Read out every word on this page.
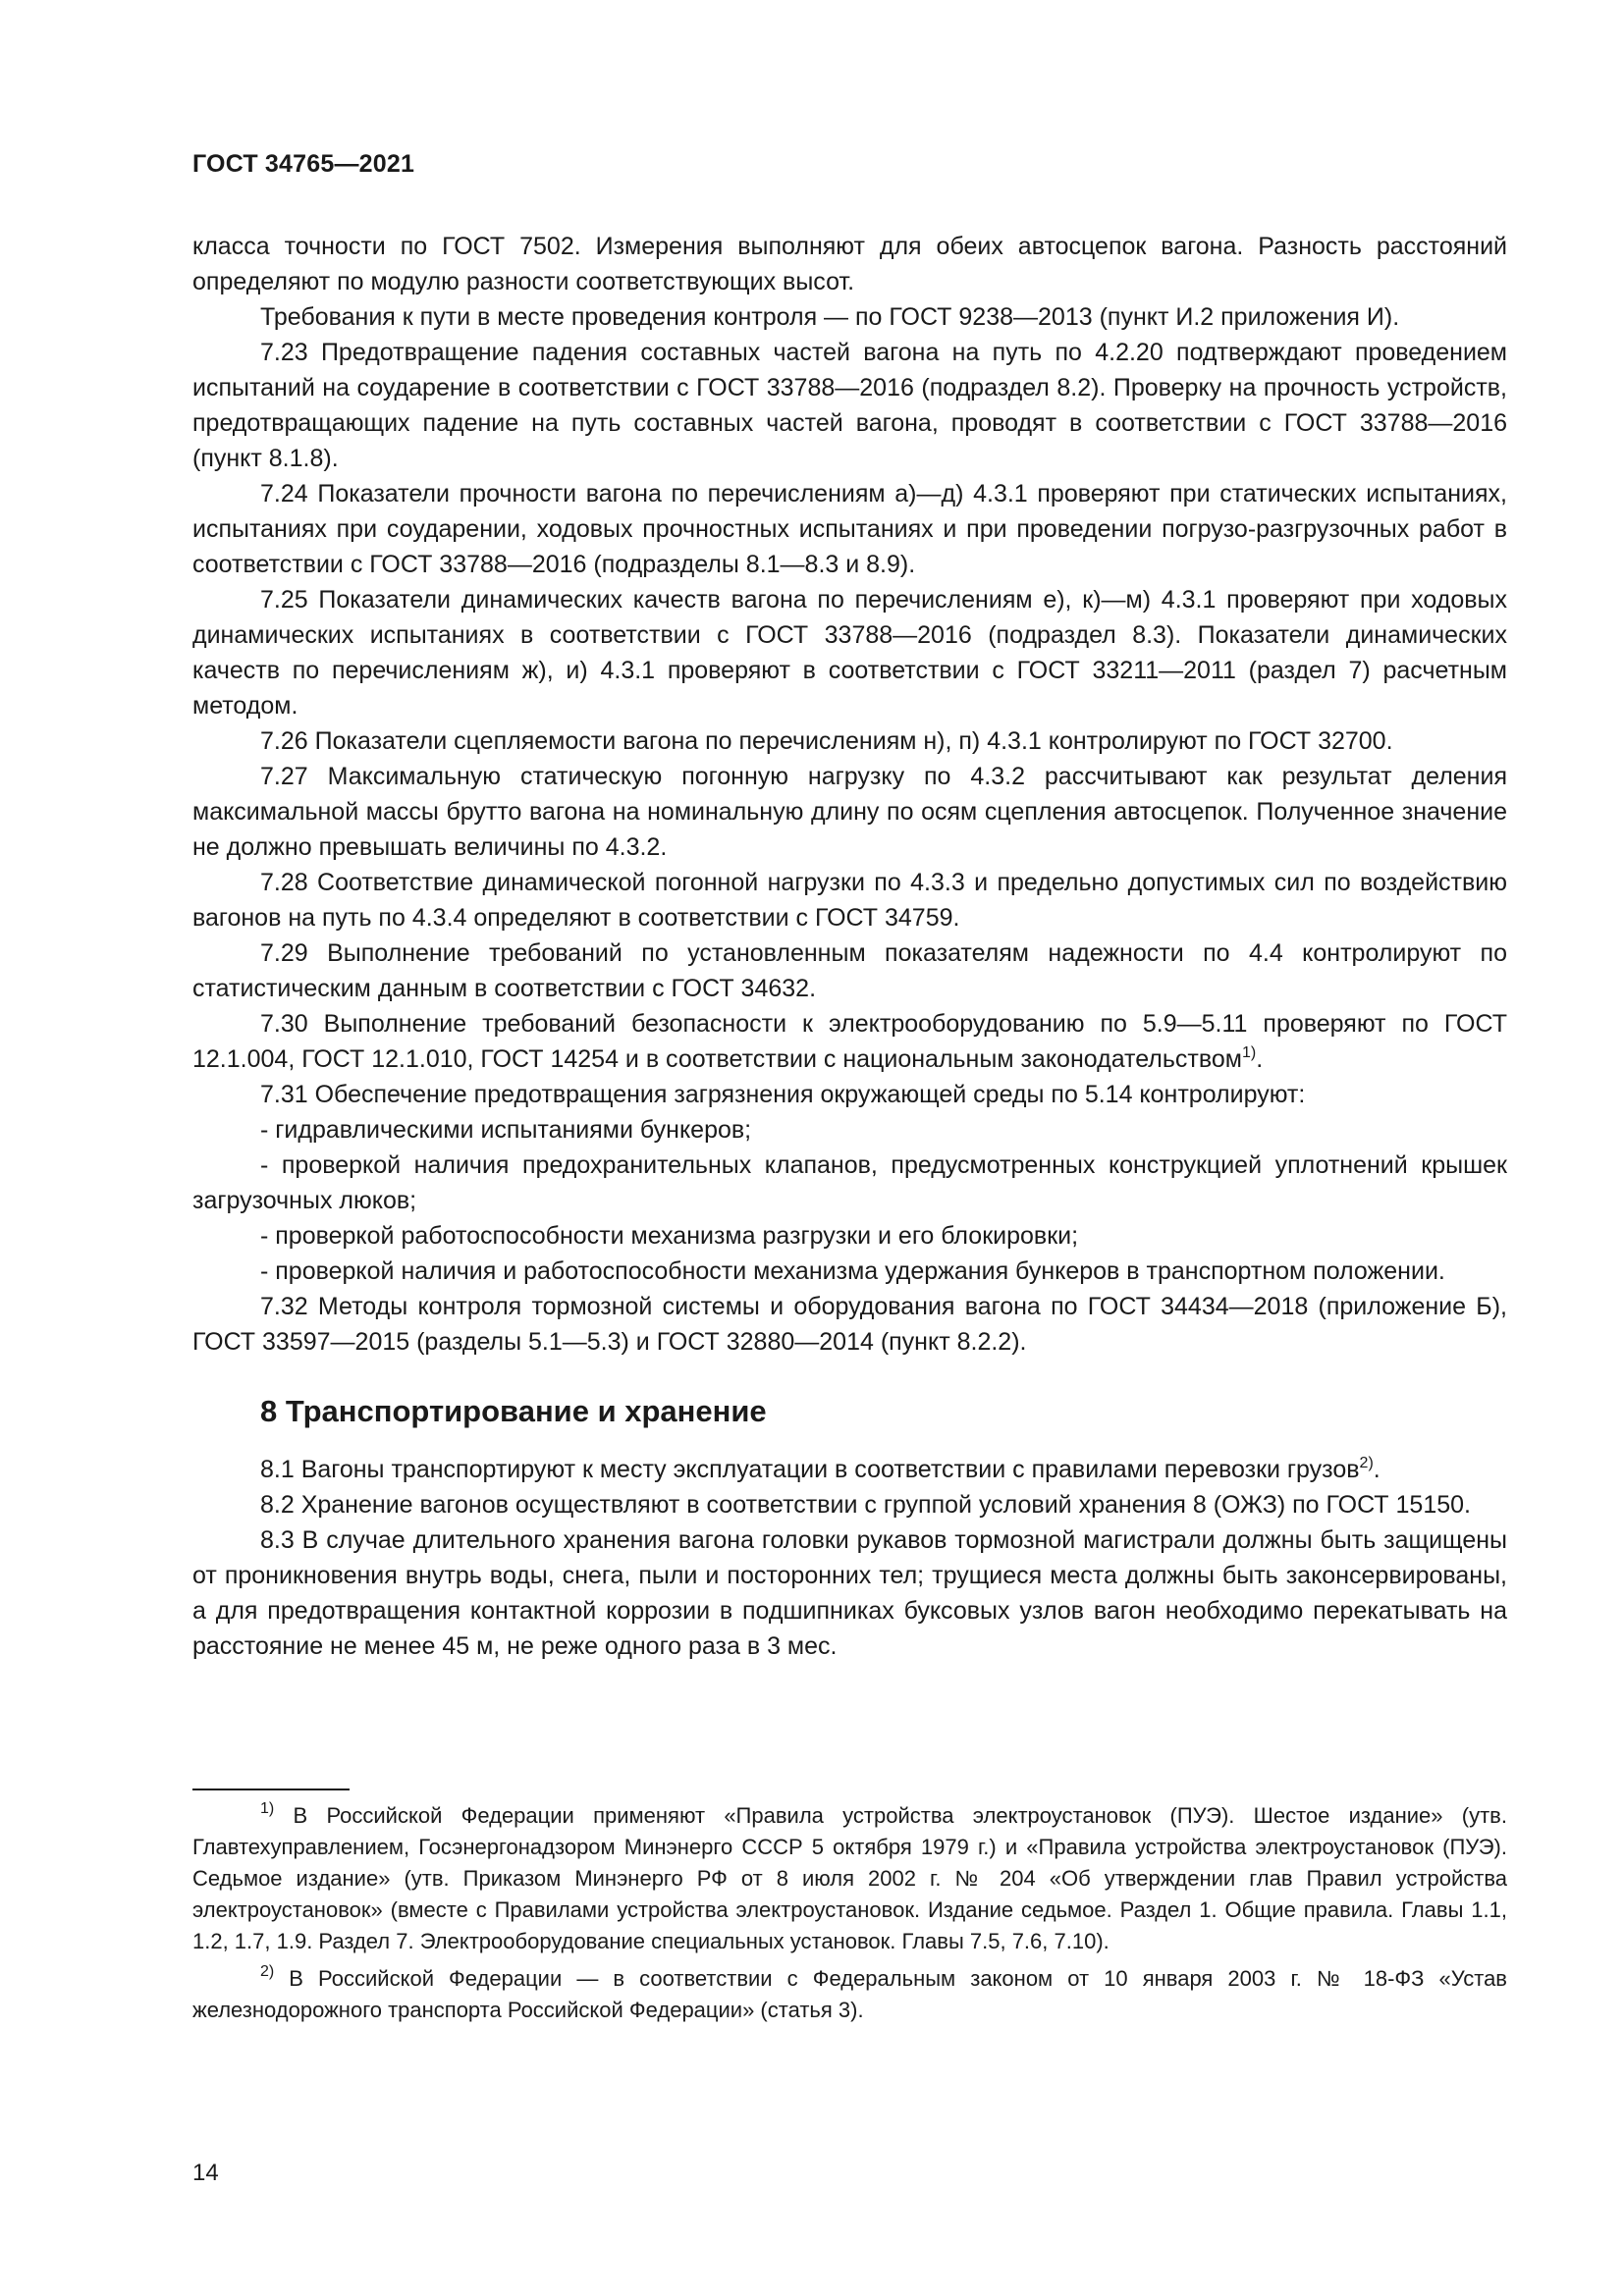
ГОСТ 34765—2021

класса точности по ГОСТ 7502. Измерения выполняют для обеих автосцепок вагона. Разность расстояний определяют по модулю разности соответствующих высот.

Требования к пути в месте проведения контроля — по ГОСТ 9238—2013 (пункт И.2 приложения И).

7.23 Предотвращение падения составных частей вагона на путь по 4.2.20 подтверждают проведением испытаний на соударение в соответствии с ГОСТ 33788—2016 (подраздел 8.2). Проверку на прочность устройств, предотвращающих падение на путь составных частей вагона, проводят в соответствии с ГОСТ 33788—2016 (пункт 8.1.8).

7.24 Показатели прочности вагона по перечислениям а)—д) 4.3.1 проверяют при статических испытаниях, испытаниях при соударении, ходовых прочностных испытаниях и при проведении погрузо-разгрузочных работ в соответствии с ГОСТ 33788—2016 (подразделы 8.1—8.3 и 8.9).

7.25 Показатели динамических качеств вагона по перечислениям е), к)—м) 4.3.1 проверяют при ходовых динамических испытаниях в соответствии с ГОСТ 33788—2016 (подраздел 8.3). Показатели динамических качеств по перечислениям ж), и) 4.3.1 проверяют в соответствии с ГОСТ 33211—2011 (раздел 7) расчетным методом.

7.26 Показатели сцепляемости вагона по перечислениям н), п) 4.3.1 контролируют по ГОСТ 32700.

7.27 Максимальную статическую погонную нагрузку по 4.3.2 рассчитывают как результат деления максимальной массы брутто вагона на номинальную длину по осям сцепления автосцепок. Полученное значение не должно превышать величины по 4.3.2.

7.28 Соответствие динамической погонной нагрузки по 4.3.3 и предельно допустимых сил по воздействию вагонов на путь по 4.3.4 определяют в соответствии с ГОСТ 34759.

7.29 Выполнение требований по установленным показателям надежности по 4.4 контролируют по статистическим данным в соответствии с ГОСТ 34632.

7.30 Выполнение требований безопасности к электрооборудованию по 5.9—5.11 проверяют по ГОСТ 12.1.004, ГОСТ 12.1.010, ГОСТ 14254 и в соответствии с национальным законодательством$^{1)}$.

7.31 Обеспечение предотвращения загрязнения окружающей среды по 5.14 контролируют:

- гидравлическими испытаниями бункеров;

- проверкой наличия предохранительных клапанов, предусмотренных конструкцией уплотнений крышек загрузочных люков;

- проверкой работоспособности механизма разгрузки и его блокировки;

- проверкой наличия и работоспособности механизма удержания бункеров в транспортном положении.

7.32 Методы контроля тормозной системы и оборудования вагона по ГОСТ 34434—2018 (приложение Б), ГОСТ 33597—2015 (разделы 5.1—5.3) и ГОСТ 32880—2014 (пункт 8.2.2).

8 Транспортирование и хранение

8.1 Вагоны транспортируют к месту эксплуатации в соответствии с правилами перевозки грузов$^{2)}$.

8.2 Хранение вагонов осуществляют в соответствии с группой условий хранения 8 (ОЖЗ) по ГОСТ 15150.

8.3 В случае длительного хранения вагона головки рукавов тормозной магистрали должны быть защищены от проникновения внутрь воды, снега, пыли и посторонних тел; трущиеся места должны быть законсервированы, а для предотвращения контактной коррозии в подшипниках буксовых узлов вагон необходимо перекатывать на расстояние не менее 45 м, не реже одного раза в 3 мес.

$^{1)}$ В Российской Федерации применяют «Правила устройства электроустановок (ПУЭ). Шестое издание» (утв. Главтехуправлением, Госэнергонадзором Минэнерго СССР 5 октября 1979 г.) и «Правила устройства электроустановок (ПУЭ). Седьмое издание» (утв. Приказом Минэнерго РФ от 8 июля 2002 г. № 204 «Об утверждении глав Правил устройства электроустановок» (вместе с Правилами устройства электроустановок. Издание седьмое. Раздел 1. Общие правила. Главы 1.1, 1.2, 1.7, 1.9. Раздел 7. Электрооборудование специальных установок. Главы 7.5, 7.6, 7.10).

$^{2)}$ В Российской Федерации — в соответствии с Федеральным законом от 10 января 2003 г. № 18-ФЗ «Устав железнодорожного транспорта Российской Федерации» (статья 3).

14
